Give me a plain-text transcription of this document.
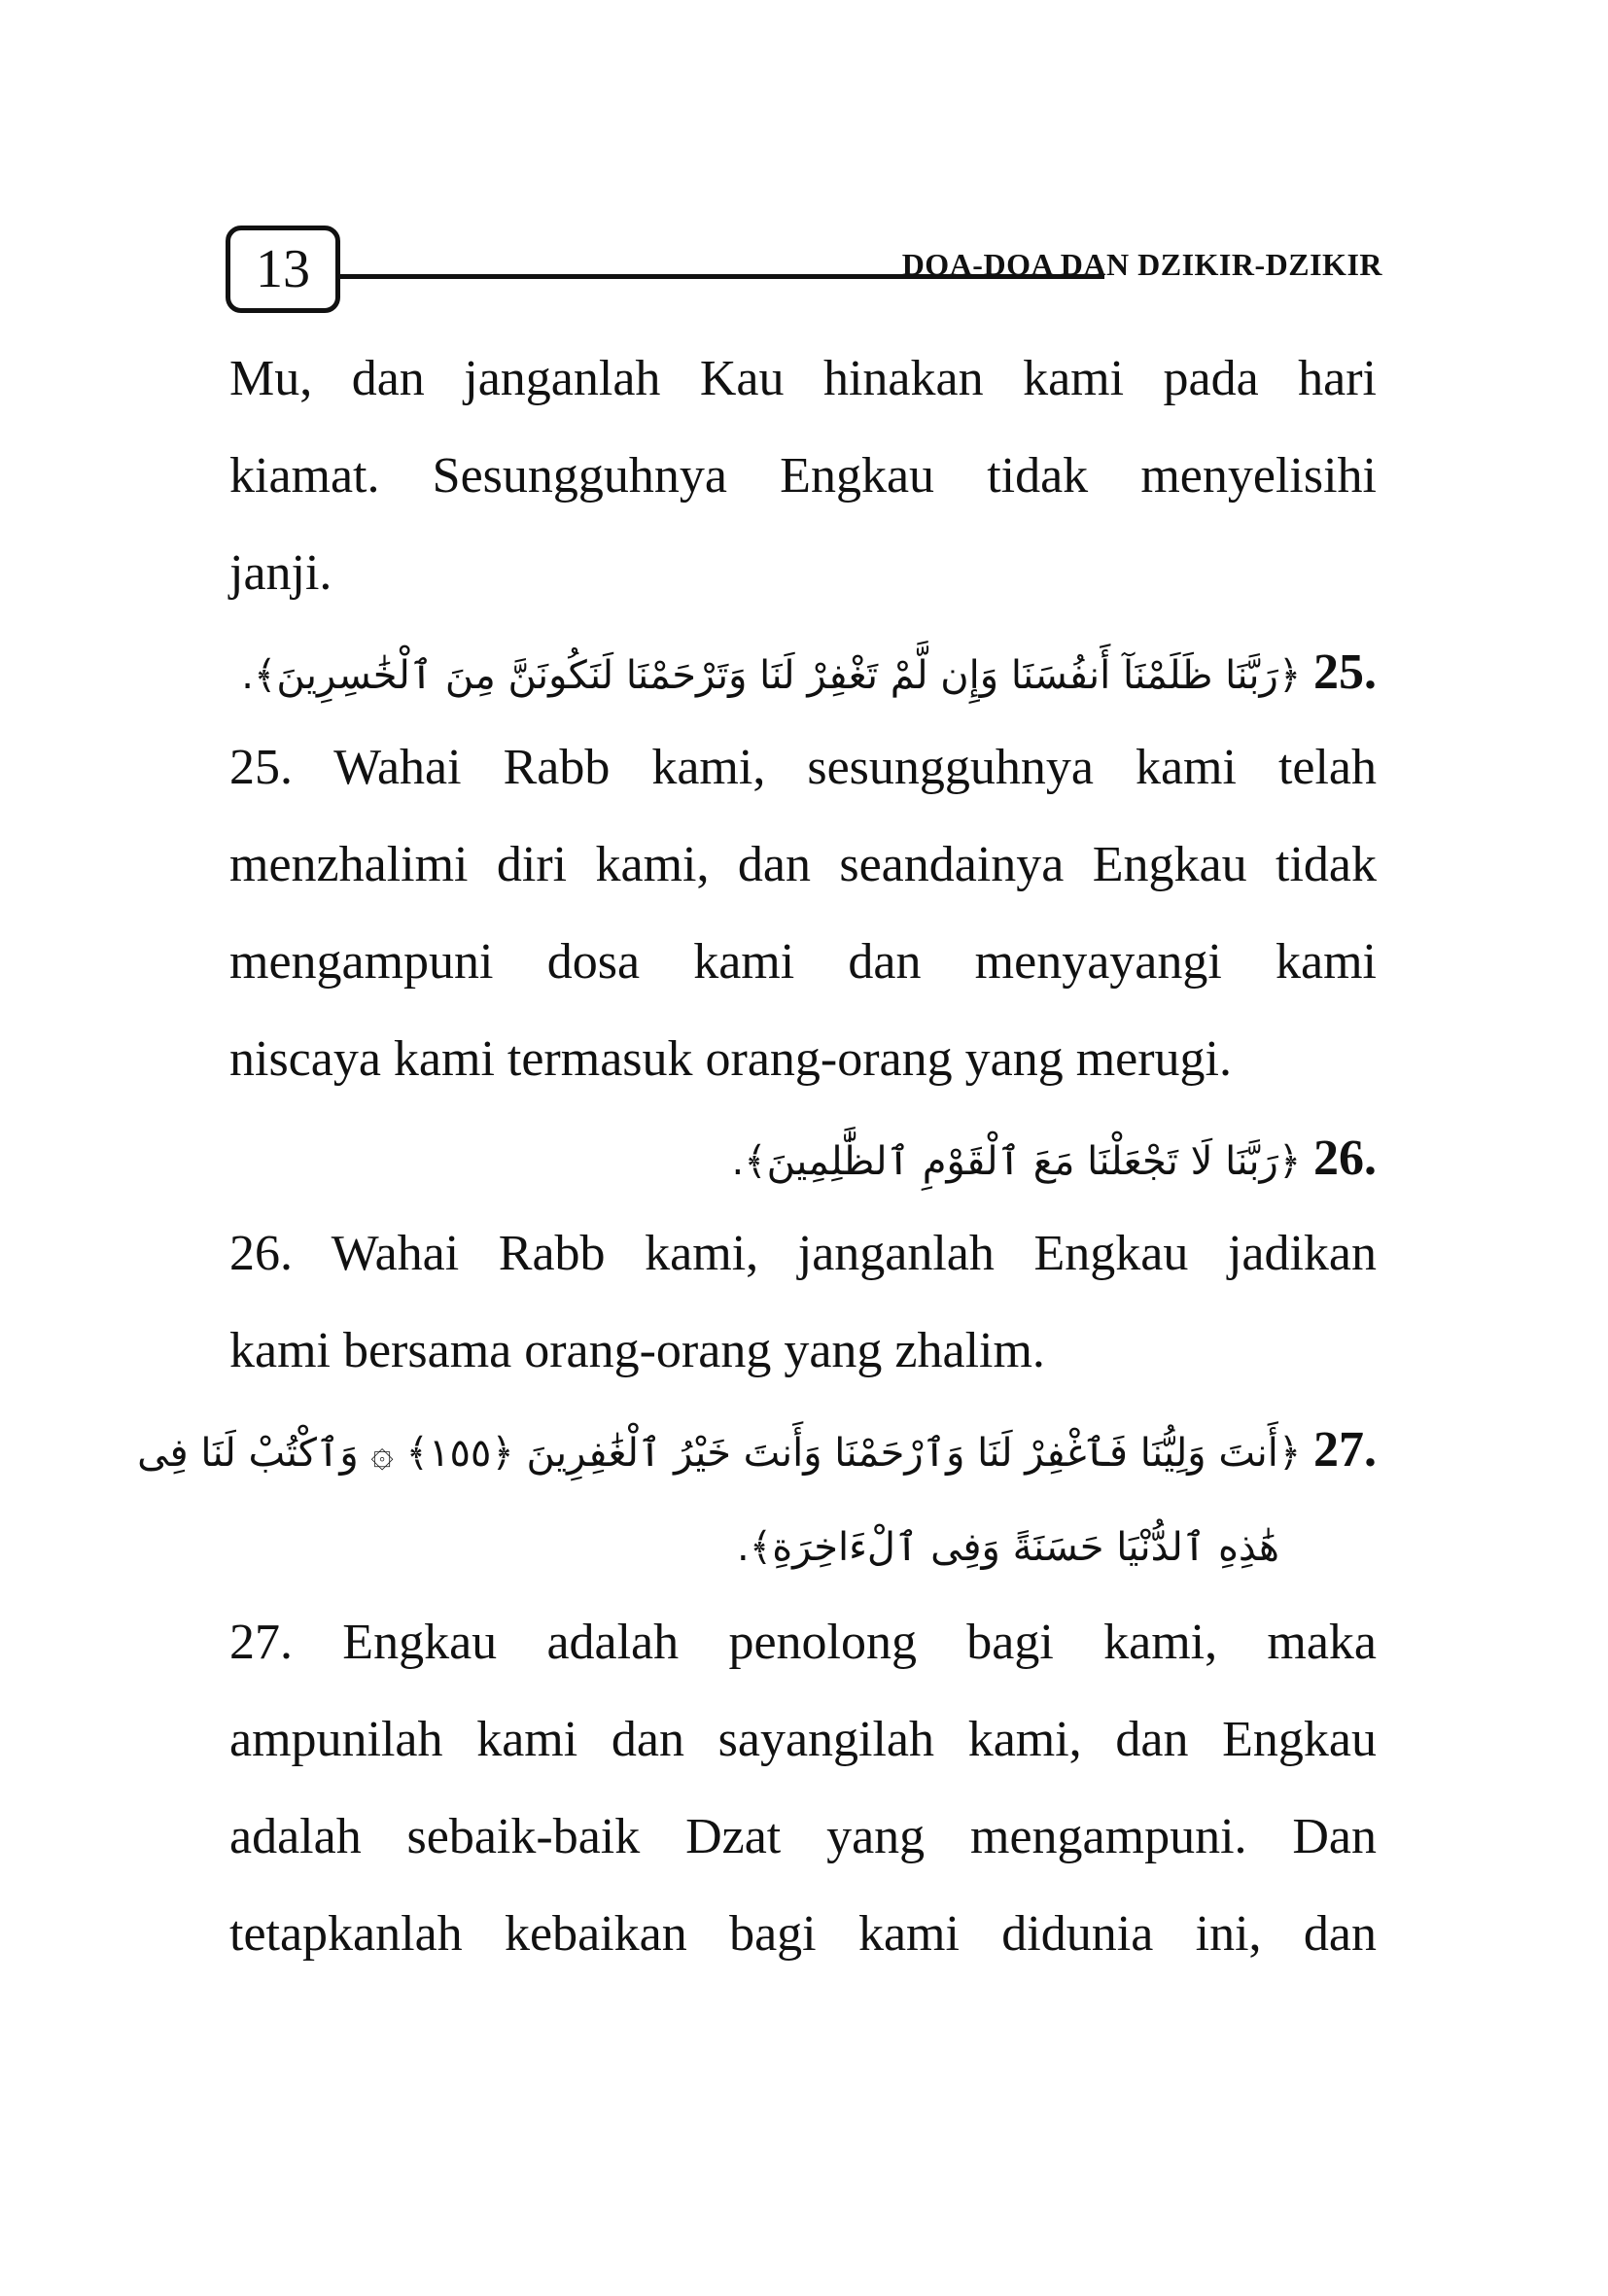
13	DOA-DOA DAN DZIKIR-DZIKIR
Mu, dan janganlah Kau hinakan kami pada hari
kiamat. Sesungguhnya Engkau tidak menyelisihi
janji.
25. ﴿رَبَّنَا ظَلَمْنَآ أَنفُسَنَا وَإِن لَّمْ تَغْفِرْ لَنَا وَتَرْحَمْنَا لَنَكُونَنَّ مِنَ ٱلْخَٰسِرِينَ﴾.
25. Wahai Rabb kami, sesungguhnya kami telah
menzhalimi diri kami, dan seandainya Engkau tidak
mengampuni dosa kami dan menyayangi kami
niscaya kami termasuk orang-orang yang merugi.
26. ﴿رَبَّنَا لَا تَجْعَلْنَا مَعَ ٱلْقَوْمِ ٱلظَّٰلِمِينَ﴾.
26. Wahai Rabb kami, janganlah Engkau jadikan
kami bersama orang-orang yang zhalim.
27. ﴿أَنتَ وَلِيُّنَا فَٱغْفِرْ لَنَا وَٱرْحَمْنَا وَأَنتَ خَيْرُ ٱلْغَٰفِرِينَ ﴿١٥٥﴾ ۞ وَٱكْتُبْ لَنَا فِى
هَٰذِهِ ٱلدُّنْيَا حَسَنَةً وَفِى ٱلْءَاخِرَةِ﴾.
27. Engkau adalah penolong bagi kami, maka
ampunilah kami dan sayangilah kami, dan Engkau
adalah sebaik-baik Dzat yang mengampuni. Dan
tetapkanlah kebaikan bagi kami didunia ini, dan
